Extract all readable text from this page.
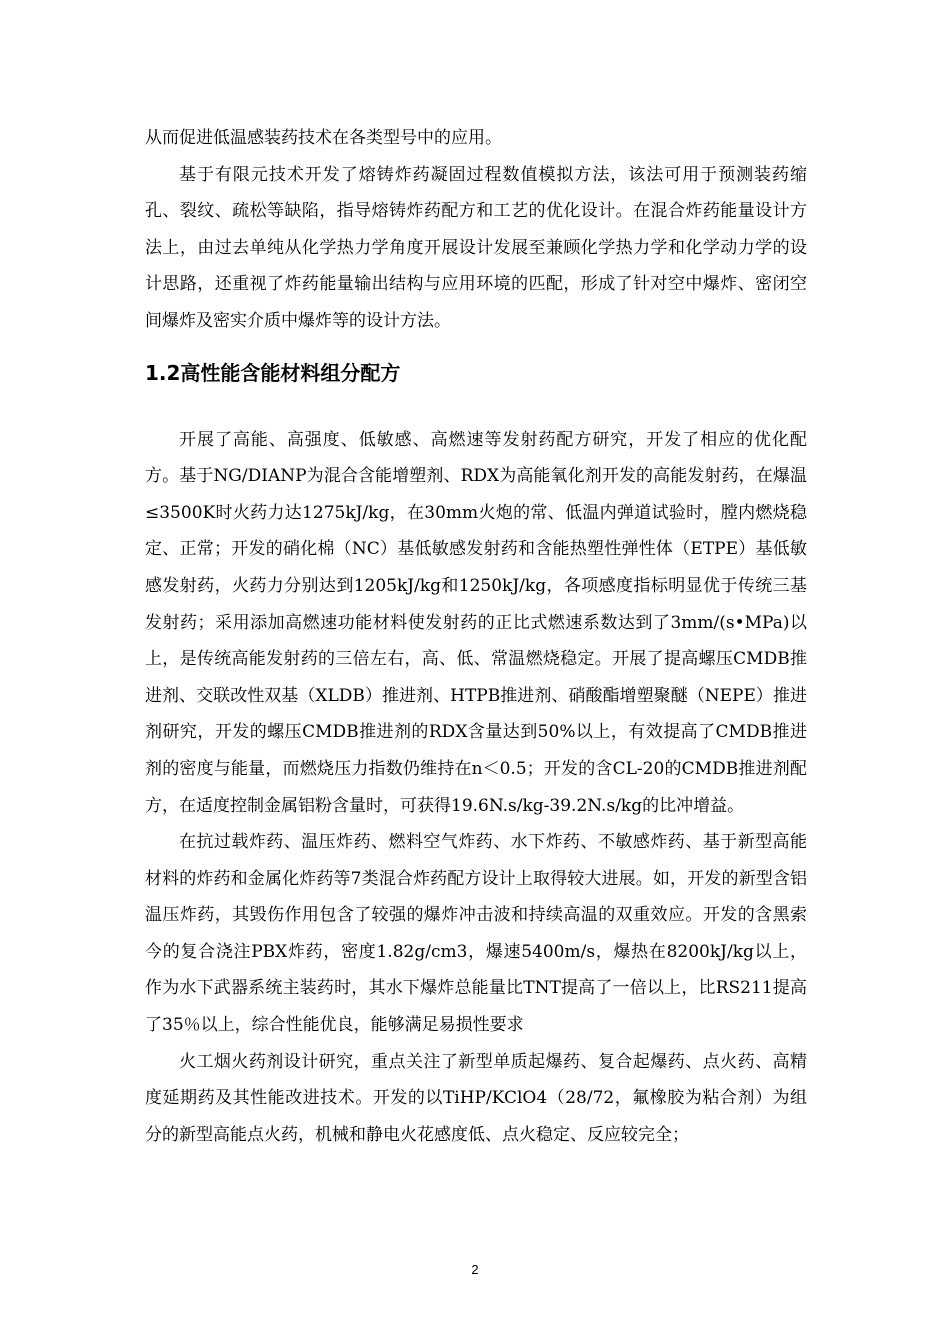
从而促进低温感装药技术在各类型号中的应用。

基于有限元技术开发了熔铸炸药凝固过程数值模拟方法，该法可用于预测装药缩孔、裂纹、疏松等缺陷，指导熔铸炸药配方和工艺的优化设计。在混合炸药能量设计方法上，由过去单纯从化学热力学角度开展设计发展至兼顾化学热力学和化学动力学的设计思路，还重视了炸药能量输出结构与应用环境的匹配，形成了针对空中爆炸、密闭空间爆炸及密实介质中爆炸等的设计方法。

1.2高性能含能材料组分配方

开展了高能、高强度、低敏感、高燃速等发射药配方研究，开发了相应的优化配方。基于NG/DIANP为混合含能增塑剂、RDX为高能氧化剂开发的高能发射药，在爆温≤3500K时火药力达1275kJ/kg，在30mm火炮的常、低温内弹道试验时，膛内燃烧稳定、正常；开发的硝化棉（NC）基低敏感发射药和含能热塑性弹性体（ETPE）基低敏感发射药，火药力分别达到1205kJ/kg和1250kJ/kg，各项感度指标明显优于传统三基发射药；采用添加高燃速功能材料使发射药的正比式燃速系数达到了3mm/(s•MPa)以上，是传统高能发射药的三倍左右，高、低、常温燃烧稳定。开展了提高螺压CMDB推进剂、交联改性双基（XLDB）推进剂、HTPB推进剂、硝酸酯增塑聚醚（NEPE）推进剂研究，开发的螺压CMDB推进剂的RDX含量达到50%以上，有效提高了CMDB推进剂的密度与能量，而燃烧压力指数仍维持在n＜0.5；开发的含CL-20的CMDB推进剂配方，在适度控制金属铝粉含量时，可获得19.6N.s/kg-39.2N.s/kg的比冲增益。

在抗过载炸药、温压炸药、燃料空气炸药、水下炸药、不敏感炸药、基于新型高能材料的炸药和金属化炸药等7类混合炸药配方设计上取得较大进展。如，开发的新型含铝温压炸药，其毁伤作用包含了较强的爆炸冲击波和持续高温的双重效应。开发的含黑索今的复合浇注PBX炸药，密度1.82g/cm3，爆速5400m/s，爆热在8200kJ/kg以上，作为水下武器系统主装药时，其水下爆炸总能量比TNT提高了一倍以上，比RS211提高了35％以上，综合性能优良，能够满足易损性要求

火工烟火药剂设计研究，重点关注了新型单质起爆药、复合起爆药、点火药、高精度延期药及其性能改进技术。开发的以TiHP/KClO4（28/72，氟橡胶为粘合剂）为组分的新型高能点火药，机械和静电火花感度低、点火稳定、反应较完全；

2
